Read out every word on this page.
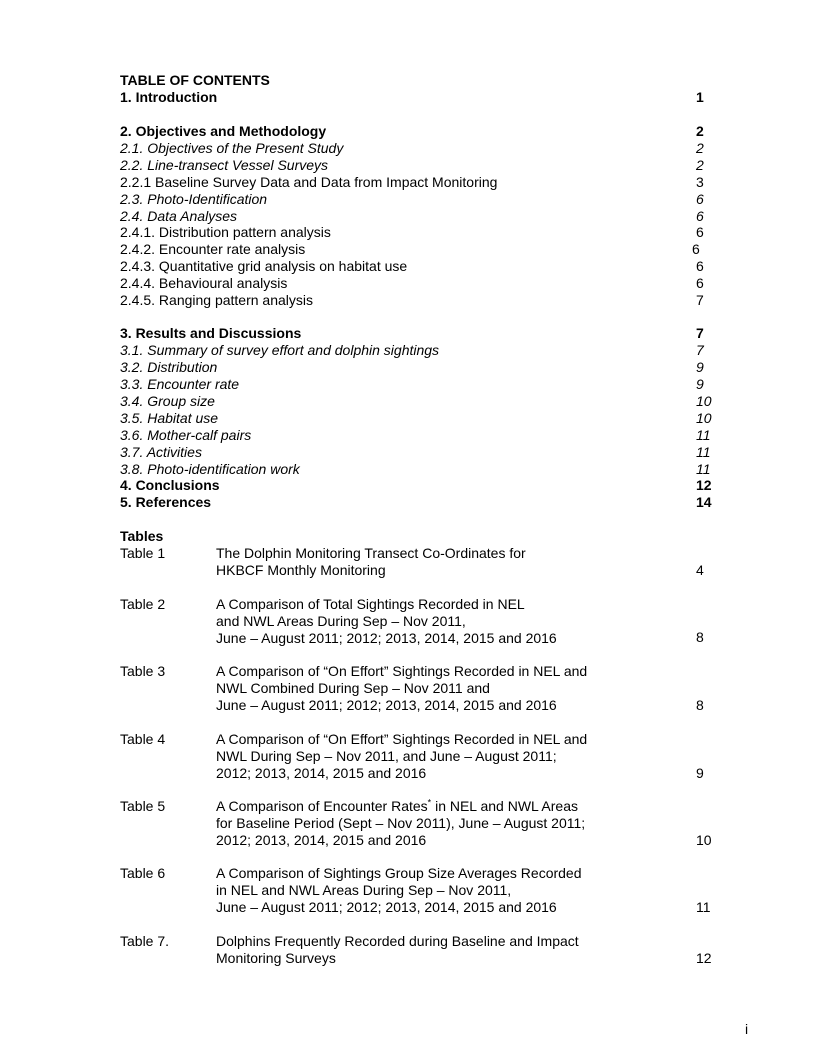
TABLE OF CONTENTS
1. Introduction	1
2. Objectives and Methodology	2
2.1. Objectives of the Present Study	2
2.2. Line-transect Vessel Surveys	2
2.2.1 Baseline Survey Data and Data from Impact Monitoring	3
2.3. Photo-Identification	6
2.4. Data Analyses	6
2.4.1. Distribution pattern analysis	6
2.4.2. Encounter rate analysis	6
2.4.3. Quantitative grid analysis on habitat use	6
2.4.4. Behavioural analysis	6
2.4.5. Ranging pattern analysis	7
3. Results and Discussions	7
3.1. Summary of survey effort and dolphin sightings	7
3.2. Distribution	9
3.3. Encounter rate	9
3.4. Group size	10
3.5. Habitat use	10
3.6. Mother-calf pairs	11
3.7. Activities	11
3.8. Photo-identification work	11
4. Conclusions	12
5. References	14
Tables
Table 1	The Dolphin Monitoring Transect Co-Ordinates for
HKBCF Monthly Monitoring	4
Table 2	A Comparison of Total Sightings Recorded in NEL
and NWL Areas During Sep – Nov 2011,
June – August 2011; 2012; 2013, 2014, 2015 and 2016	8
Table 3	A Comparison of “On Effort” Sightings Recorded in NEL and
NWL Combined During Sep – Nov 2011 and
June – August 2011; 2012; 2013, 2014, 2015 and 2016	8
Table 4	A Comparison of “On Effort” Sightings Recorded in NEL and
NWL During Sep – Nov 2011, and June – August 2011;
2012; 2013, 2014, 2015 and 2016	9
Table 5	A Comparison of Encounter Rates* in NEL and NWL Areas
for Baseline Period (Sept – Nov 2011), June – August 2011;
2012; 2013, 2014, 2015 and 2016	10
Table 6	A Comparison of Sightings Group Size Averages Recorded
in NEL and NWL Areas During Sep – Nov 2011,
June – August 2011; 2012; 2013, 2014, 2015 and 2016	11
Table 7.	Dolphins Frequently Recorded during Baseline and Impact
Monitoring Surveys	12
i
